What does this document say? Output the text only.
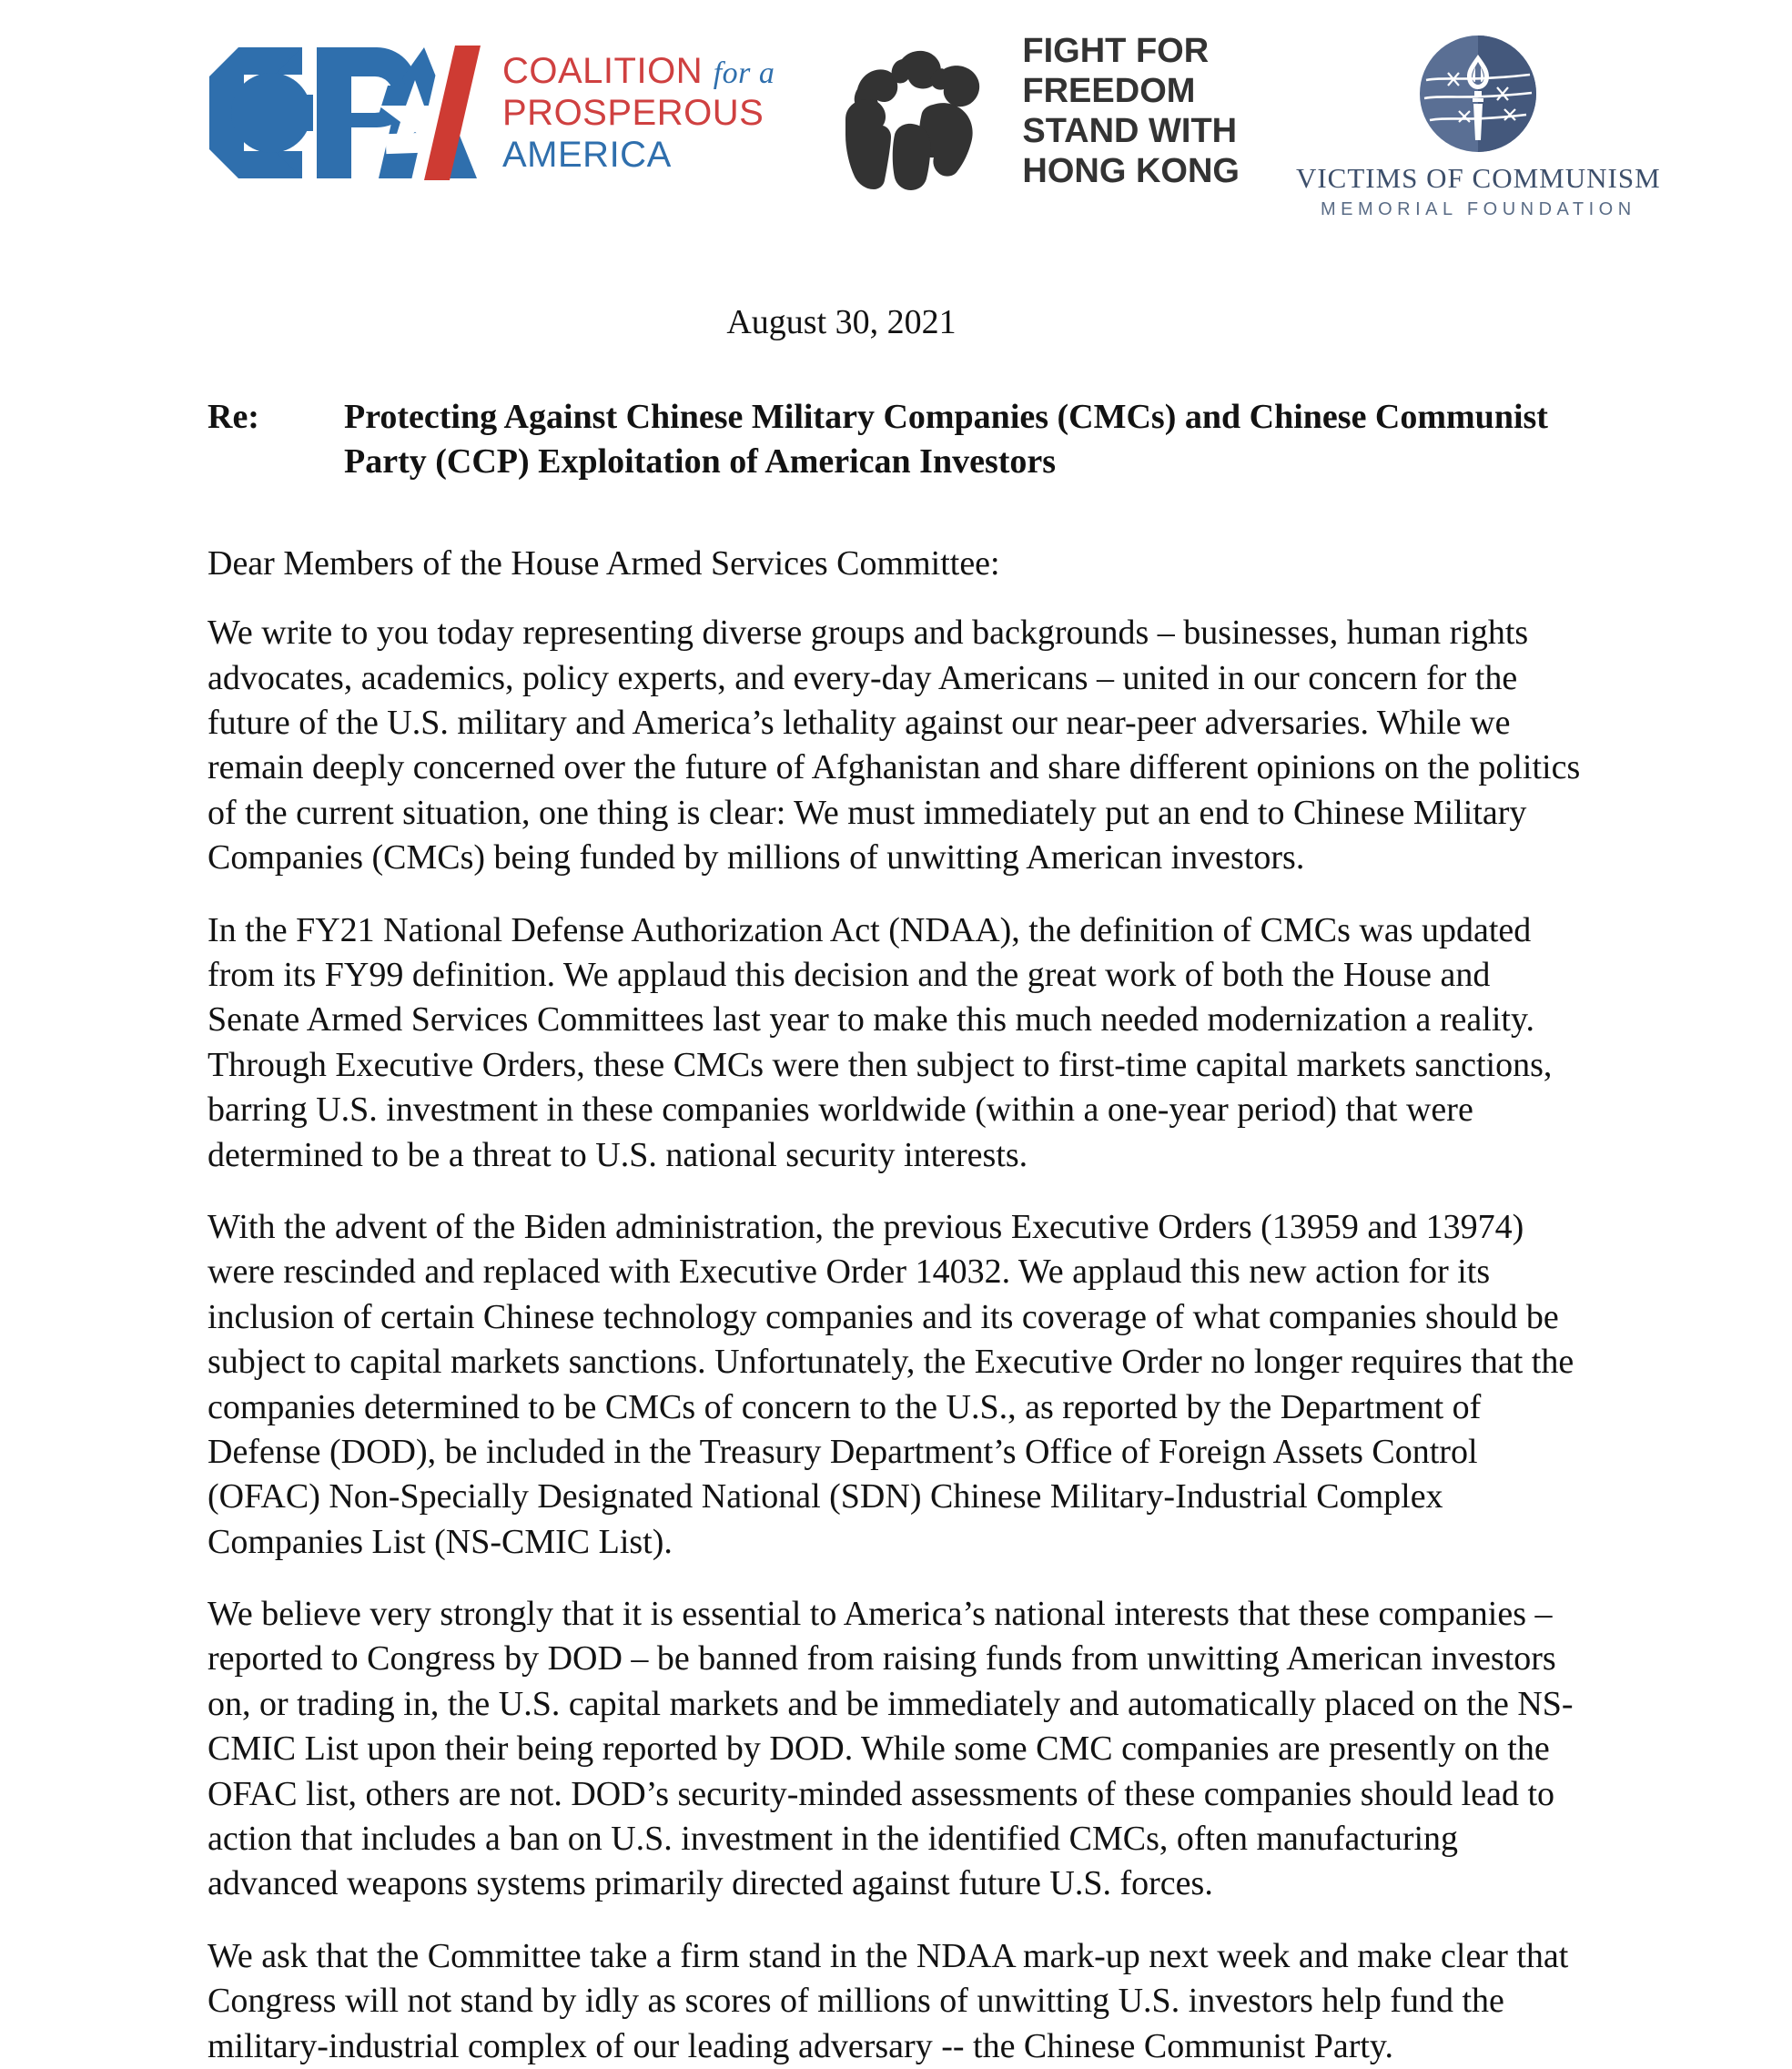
COALITION for a
PROSPEROUS
AMERICA
FIGHT FOR
FREEDOM
STAND WITH
HONG KONG VICTIMS OF COMMUNISM
MEMORIAL FOUNDATION
August 30, 2021
Re:	Protecting Against Chinese Military Companies (CMCs) and Chinese Communist Party (CCP) Exploitation of American Investors
Dear Members of the House Armed Services Committee:

We write to you today representing diverse groups and backgrounds – businesses, human rights advocates, academics, policy experts, and every-day Americans – united in our concern for the future of the U.S. military and America’s lethality against our near-peer adversaries. While we remain deeply concerned over the future of Afghanistan and share different opinions on the politics of the current situation, one thing is clear: We must immediately put an end to Chinese Military Companies (CMCs) being funded by millions of unwitting American investors.

In the FY21 National Defense Authorization Act (NDAA), the definition of CMCs was updated from its FY99 definition. We applaud this decision and the great work of both the House and Senate Armed Services Committees last year to make this much needed modernization a reality. Through Executive Orders, these CMCs were then subject to first-time capital markets sanctions, barring U.S. investment in these companies worldwide (within a one-year period) that were determined to be a threat to U.S. national security interests.

With the advent of the Biden administration, the previous Executive Orders (13959 and 13974) were rescinded and replaced with Executive Order 14032. We applaud this new action for its inclusion of certain Chinese technology companies and its coverage of what companies should be subject to capital markets sanctions. Unfortunately, the Executive Order no longer requires that the companies determined to be CMCs of concern to the U.S., as reported by the Department of Defense (DOD), be included in the Treasury Department’s Office of Foreign Assets Control (OFAC) Non-Specially Designated National (SDN) Chinese Military-Industrial Complex Companies List (NS-CMIC List).

We believe very strongly that it is essential to America’s national interests that these companies – reported to Congress by DOD – be banned from raising funds from unwitting American investors on, or trading in, the U.S. capital markets and be immediately and automatically placed on the NS-CMIC List upon their being reported by DOD. While some CMC companies are presently on the OFAC list, others are not. DOD’s security-minded assessments of these companies should lead to action that includes a ban on U.S. investment in the identified CMCs, often manufacturing advanced weapons systems primarily directed against future U.S. forces.

We ask that the Committee take a firm stand in the NDAA mark-up next week and make clear that Congress will not stand by idly as scores of millions of unwitting U.S. investors help fund the military-industrial complex of our leading adversary -- the Chinese Communist Party.
